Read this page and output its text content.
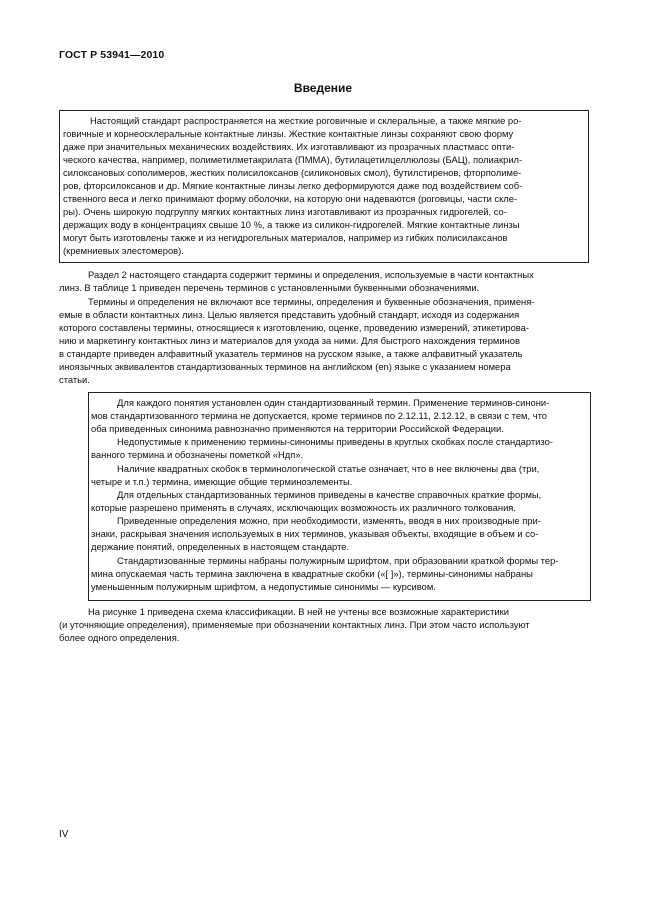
ГОСТ Р 53941—2010
Введение
Настоящий стандарт распространяется на жесткие роговичные и склеральные, а также мягкие ро-
говичные и корнеосклеральные контактные линзы. Жесткие контактные линзы сохраняют свою форму
даже при значительных механических воздействиях. Их изготавливают из прозрачных пластмасс опти-
ческого качества, например, полиметилметакрилата (ПММА), бутилацетилцеллюлозы (БАЦ), полиакрил-
силоксановых сополимеров, жестких полисилоксанов (силиконовых смол), бутилстиренов, фторполиме-
ров, фторсилоксанов и др. Мягкие контактные линзы легко деформируются даже под воздействием соб-
ственного веса и легко принимают форму оболочки, на которую они надеваются (роговицы, части скле-
ры). Очень широкую подгруппу мягких контактных линз изготавливают из прозрачных гидрогелей, со-
держащих воду в концентрациях свыше 10 %, а также из силикон-гидрогелей. Мягкие контактные линзы
могут быть изготовлены также и из негидрогельных материалов, например из гибких полисилаксанов
(кремниевых элестомеров).
Раздел 2 настоящего стандарта содержит термины и определения, используемые в части контактных
линз. В таблице 1 приведен перечень терминов с установленными буквенными обозначениями.
Термины и определения не включают все термины, определения и буквенные обозначения, применя-
емые в области контактных линз. Целью является представить удобный стандарт, исходя из содержания
которого составлены термины, относящиеся к изготовлению, оценке, проведению измерений, этикетирова-
нию и маркетингу контактных линз и материалов для ухода за ними. Для быстрого нахождения терминов
в стандарте приведен алфавитный указатель терминов на русском языке, а также алфавитный указатель
иноязычных эквивалентов стандартизованных терминов на английском (en) языке с указанием номера
статьи.
Для каждого понятия установлен один стандартизованный термин. Применение терминов-синони-
мов стандартизованного термина не допускается, кроме терминов по 2.12.11, 2.12.12, в связи с тем, что
оба приведенных синонима равнозначно применяются на территории Российской Федерации.
Недопустимые к применению термины-синонимы приведены в круглых скобках после стандартизо-
ванного термина и обозначены пометкой «Ндп».
Наличие квадратных скобок в терминологической статье означает, что в нее включены два (три,
четыре и т.п.) термина, имеющие общие терминоэлементы.
Для отдельных стандартизованных терминов приведены в качестве справочных краткие формы,
которые разрешено применять в случаях, исключающих возможность их различного толкования.
Приведенные определения можно, при необходимости, изменять, вводя в них производные при-
знаки, раскрывая значения используемых в них терминов, указывая объекты, входящие в объем и со-
держание понятий, определенных в настоящем стандарте.
Стандартизованные термины набраны полужирным шрифтом, при образовании краткой формы тер-
мина опускаемая часть термина заключена в квадратные скобки («[ ]»), термины-синонимы набраны
уменьшенным полужирным шрифтом, а недопустимые синонимы — курсивом.
На рисунке 1 приведена схема классификации. В ней не учтены все возможные характеристики
(и уточняющие определения), применяемые при обозначении контактных линз. При этом часто используют
более одного определения.
IV
